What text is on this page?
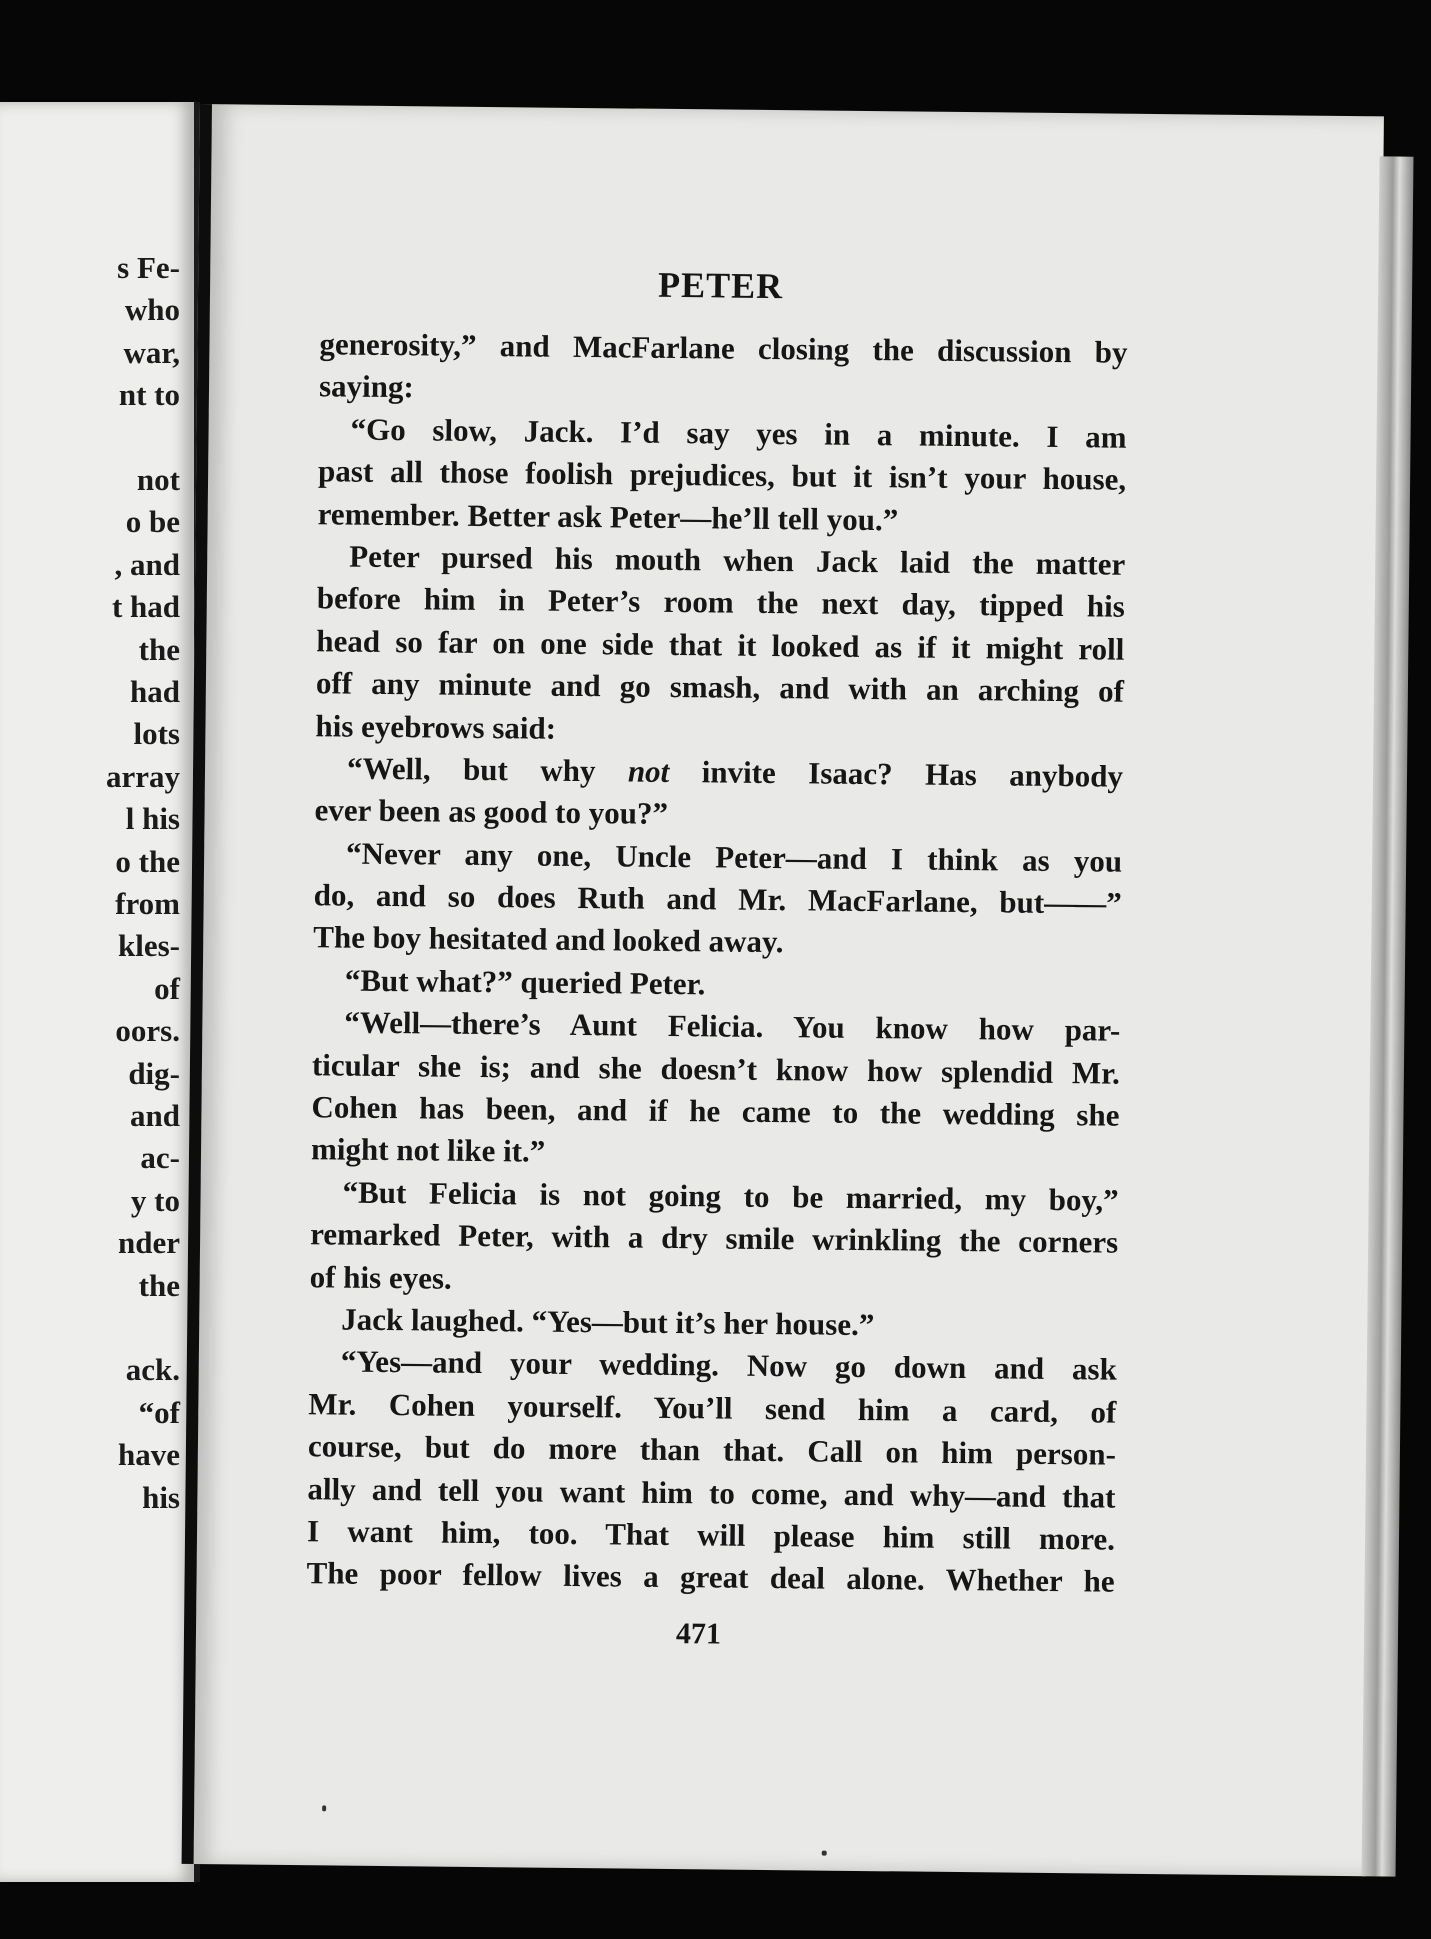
s Fe-
who
war,
nt to
not
o be
, and
t had
the
had
lots
array
l his
o the
from
kles-
of
oors.
dig-
and
ac-
y to
nder
the
ack.
“of
have
his
PETER
generosity,” and MacFarlane closing the discussion by
saying:
“Go slow, Jack. I’d say yes in a minute. I am
past all those foolish prejudices, but it isn’t your house,
remember. Better ask Peter—he’ll tell you.”
Peter pursed his mouth when Jack laid the matter
before him in Peter’s room the next day, tipped his
head so far on one side that it looked as if it might roll
off any minute and go smash, and with an arching of
his eyebrows said:
“Well, but why not invite Isaac? Has anybody
ever been as good to you?”
“Never any one, Uncle Peter—and I think as you
do, and so does Ruth and Mr. MacFarlane, but——”
The boy hesitated and looked away.
“But what?” queried Peter.
“Well—there’s Aunt Felicia. You know how par-
ticular she is; and she doesn’t know how splendid Mr.
Cohen has been, and if he came to the wedding she
might not like it.”
“But Felicia is not going to be married, my boy,”
remarked Peter, with a dry smile wrinkling the corners
of his eyes.
Jack laughed. “Yes—but it’s her house.”
“Yes—and your wedding. Now go down and ask
Mr. Cohen yourself. You’ll send him a card, of
course, but do more than that. Call on him person-
ally and tell you want him to come, and why—and that
I want him, too. That will please him still more.
The poor fellow lives a great deal alone. Whether he
471
